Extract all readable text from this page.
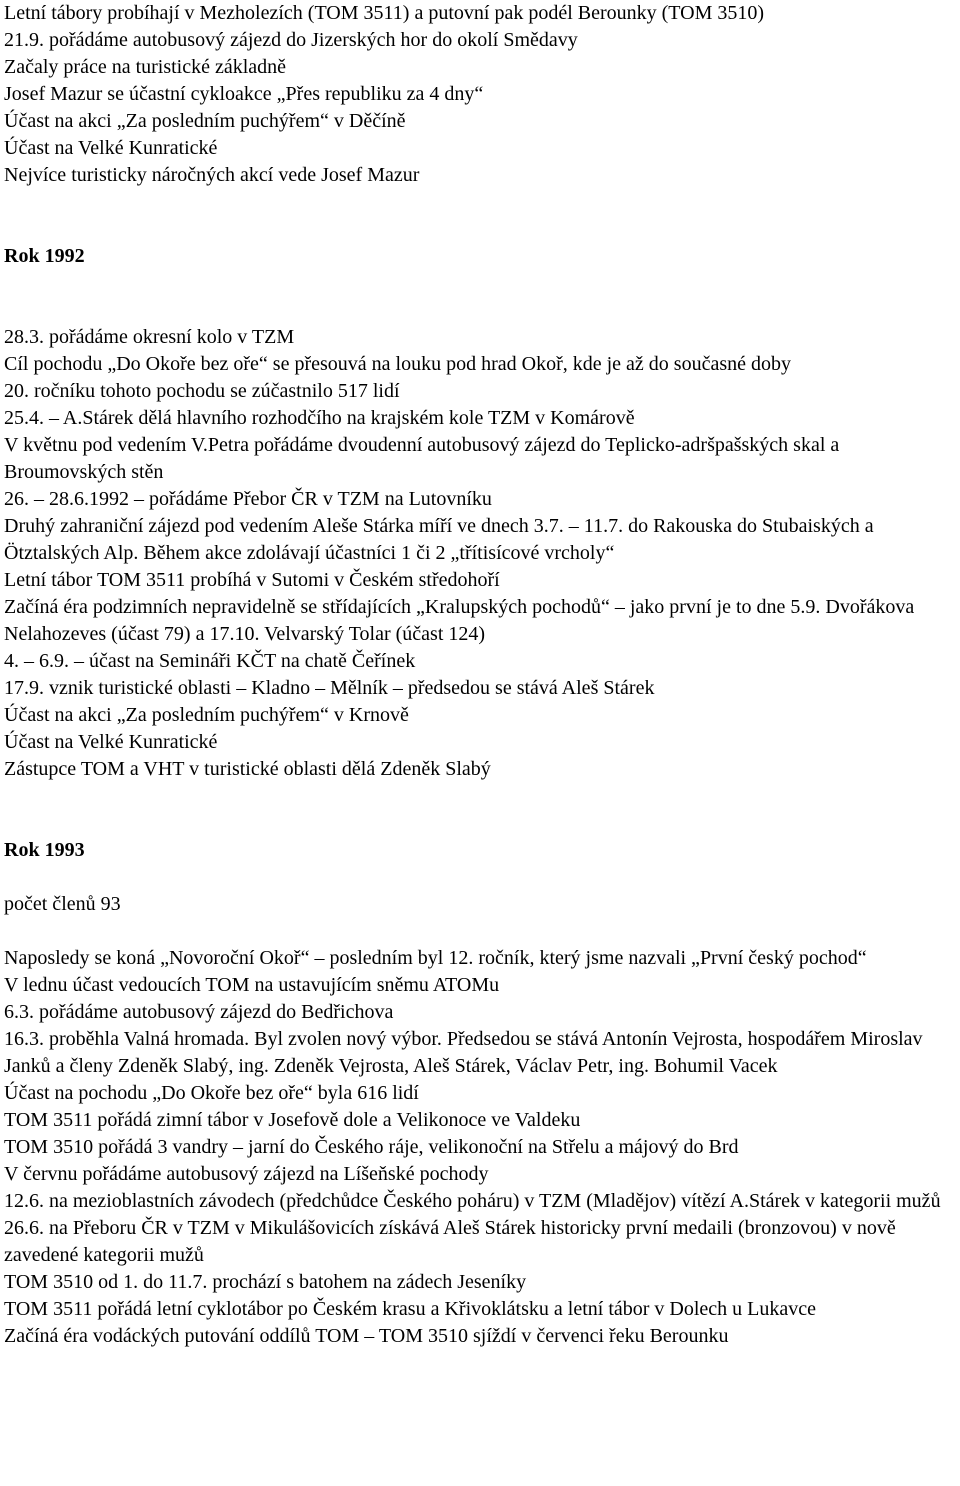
Letní tábory probíhají v Mezholezích (TOM 3511) a putovní pak podél Berounky (TOM 3510)
21.9. pořádáme autobusový zájezd do Jizerských hor do okolí Smědavy
Začaly práce na turistické základně
Josef Mazur se účastní cykloakce „Přes republiku za 4 dny“
Účast na akci „Za posledním puchýřem“ v Děčíně
Účast na Velké Kunratické
Nejvíce turisticky náročných akcí vede Josef Mazur
Rok 1992
28.3. pořádáme okresní kolo v TZM
Cíl pochodu „Do Okoře bez oře“ se přesouvá na louku pod hrad Okoř, kde je až do současné doby
20. ročníku tohoto pochodu se zúčastnilo 517 lidí
25.4. – A.Stárek dělá hlavního rozhodčího na krajském kole TZM v Komárově
V květnu pod vedením V.Petra pořádáme dvoudenní autobusový zájezd do Teplicko-adršpašských skal a Broumovských stěn
26. – 28.6.1992 – pořádáme Přebor ČR v TZM na Lutovníku
Druhý zahraniční zájezd pod vedením Aleše Stárka míří ve dnech 3.7. – 11.7. do Rakouska do Stubaiských a Ötztalských Alp. Během akce zdolávají účastníci 1 či 2 „třítisícové vrcholy“
Letní tábor TOM 3511 probíhá v Sutomi v Českém středohoří
Začíná éra podzimních nepravidelně se střídajících „Kralupských pochodů“ – jako první je to dne 5.9. Dvořákova Nelahozeves (účast 79) a 17.10. Velvarský Tolar (účast 124)
4. – 6.9. – účast na Semináři KČT na chatě Čeřínek
17.9. vznik turistické oblasti – Kladno – Mělník – předsedou se stává Aleš Stárek
Účast na akci „Za posledním puchýřem“ v Krnově
Účast na Velké Kunratické
Zástupce TOM a VHT v turistické oblasti dělá Zdeněk Slabý
Rok 1993
počet členů 93
Naposledy se koná „Novoroční Okoř“ – posledním byl 12. ročník, který jsme nazvali „První český pochod“
V lednu účast vedoucích TOM na ustavujícím sněmu ATOMu
6.3. pořádáme autobusový zájezd do Bedřichova
16.3. proběhla Valná hromada. Byl zvolen nový výbor. Předsedou se stává Antonín Vejrosta, hospodářem Miroslav Janků a členy Zdeněk Slabý, ing. Zdeněk Vejrosta, Aleš Stárek, Václav Petr, ing. Bohumil Vacek
Účast na pochodu „Do Okoře bez oře“ byla 616 lidí
TOM 3511 pořádá zimní tábor v Josefově dole a Velikonoce ve Valdeku
TOM 3510 pořádá 3 vandry – jarní do Českého ráje, velikonoční na Střelu a májový do Brd
V červnu pořádáme autobusový zájezd na Líšeňské pochody
12.6. na mezioblastních závodech (předchůdce Českého poháru) v TZM (Mladějov) vítězí A.Stárek v kategorii mužů
26.6. na Přeboru ČR v TZM v Mikulášovicích získává Aleš Stárek historicky první medaili (bronzovou) v nově zavedené kategorii mužů
TOM 3510 od 1. do 11.7. prochází s batohem na zádech Jeseníky
TOM 3511 pořádá letní cyklotábor po Českém krasu a Křivoklátsku a letní tábor v Dolech u Lukavce
Začíná éra vodáckých putování oddílů TOM – TOM 3510 sjíždí v červenci řeku Berounku
